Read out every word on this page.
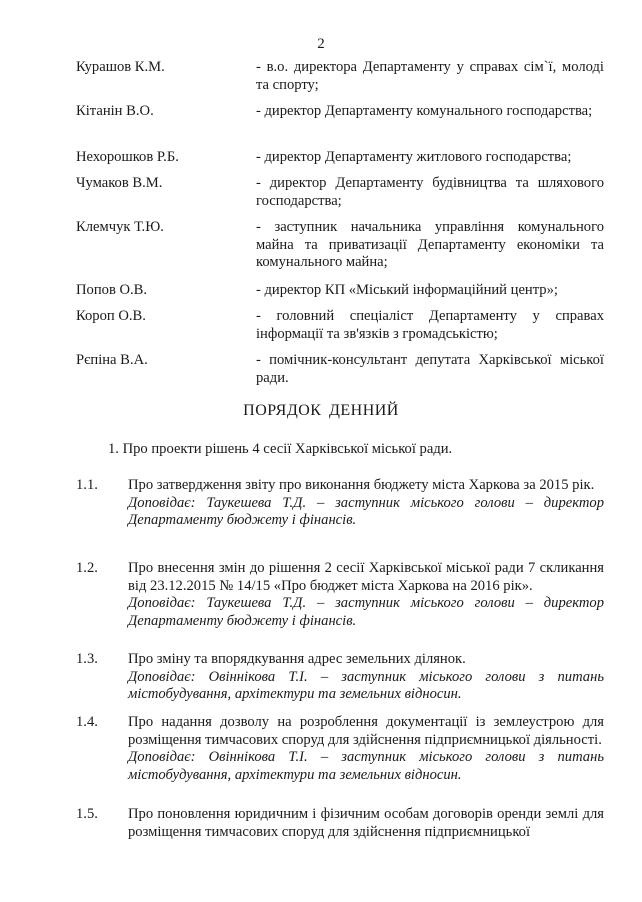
2
Курашов К.М.	- в.о. директора Департаменту у справах сім`ї, молоді та спорту;
Кітанін В.О.	- директор Департаменту комунального господарства;
Нехорошков Р.Б.	- директор Департаменту житлового господарства;
Чумаков В.М.	- директор Департаменту будівництва та шляхового господарства;
Клемчук Т.Ю.	- заступник начальника управління комунального майна та приватизації Департаменту економіки та комунального майна;
Попов О.В.	- директор КП «Міський інформаційний центр»;
Короп О.В.	- головний спеціаліст Департаменту у справах інформації та зв'язків з громадськістю;
Рєпіна В.А.	- помічник-консультант депутата Харківської міської ради.
ПОРЯДОК ДЕННИЙ
1. Про проекти рішень 4 сесії Харківської міської ради.
1.1.	Про затвердження звіту про виконання бюджету міста Харкова за 2015 рік.
Доповідає: Таукешева Т.Д. – заступник міського голови – директор Департаменту бюджету і фінансів.
1.2.	Про внесення змін до рішення 2 сесії Харківської міської ради 7 скликання від 23.12.2015 № 14/15 «Про бюджет міста Харкова на 2016 рік».
Доповідає: Таукешева Т.Д. – заступник міського голови – директор Департаменту бюджету і фінансів.
1.3.	Про зміну та впорядкування адрес земельних ділянок.
Доповідає: Овіннікова Т.І. – заступник міського голови з питань містобудування, архітектури та земельних відносин.
1.4.	Про надання дозволу на розроблення документації із землеустрою для розміщення тимчасових споруд для здійснення підприємницької діяльності.
Доповідає: Овіннікова Т.І. – заступник міського голови з питань містобудування, архітектури та земельних відносин.
1.5.	Про поновлення юридичним і фізичним особам договорів оренди землі для розміщення тимчасових споруд для здійснення підприємницької
